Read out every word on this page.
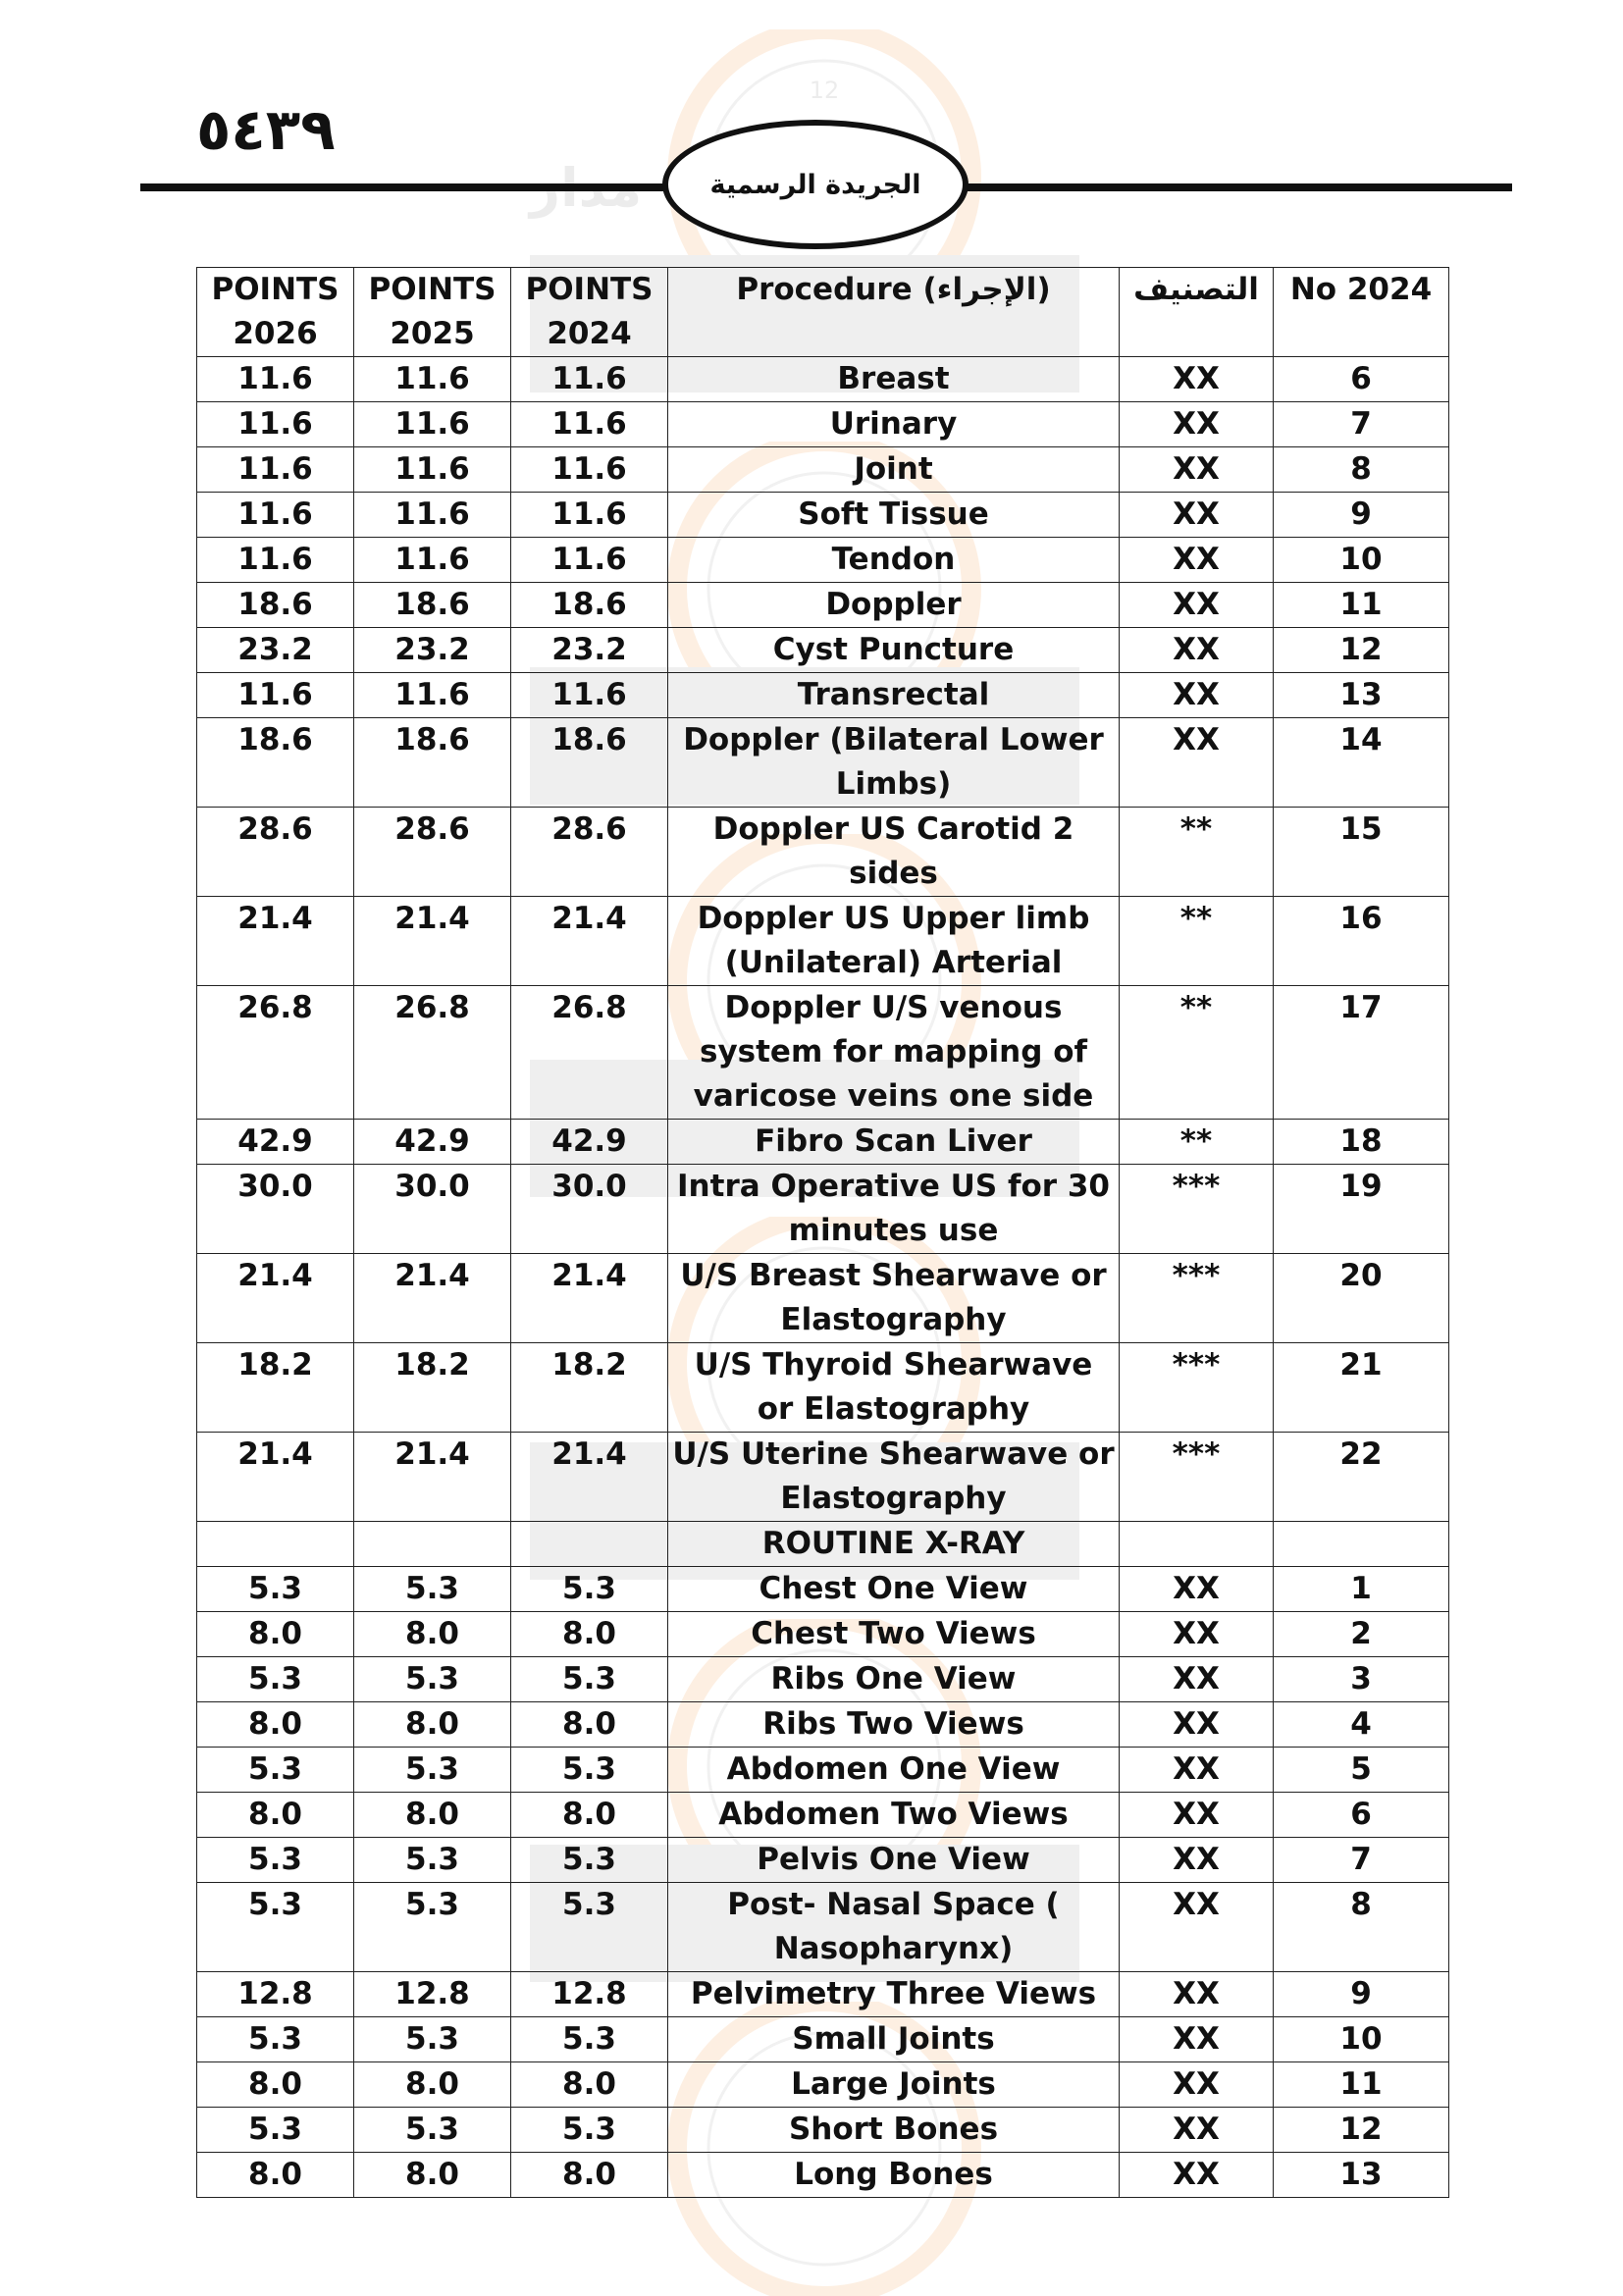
12
مدار
٥٤٣٩
الجريدة الرسمية
POINTS 2026	POINTS 2025	POINTS 2024	Procedure (الإجراء)	التصنيف	No 2024
11.6	11.6	11.6	Breast	XX	6
11.6	11.6	11.6	Urinary	XX	7
11.6	11.6	11.6	Joint	XX	8
11.6	11.6	11.6	Soft Tissue	XX	9
11.6	11.6	11.6	Tendon	XX	10
18.6	18.6	18.6	Doppler	XX	11
23.2	23.2	23.2	Cyst Puncture	XX	12
11.6	11.6	11.6	Transrectal	XX	13
18.6	18.6	18.6	Doppler (Bilateral Lower Limbs)	XX	14
28.6	28.6	28.6	Doppler US Carotid 2 sides	**	15
21.4	21.4	21.4	Doppler US Upper limb (Unilateral) Arterial	**	16
26.8	26.8	26.8	Doppler U/S venous system for mapping of varicose veins one side	**	17
42.9	42.9	42.9	Fibro Scan Liver	**	18
30.0	30.0	30.0	Intra Operative US for 30 minutes use	***	19
21.4	21.4	21.4	U/S Breast Shearwave or Elastography	***	20
18.2	18.2	18.2	U/S Thyroid Shearwave or Elastography	***	21
21.4	21.4	21.4	U/S Uterine Shearwave or Elastography	***	22
			ROUTINE X-RAY		
5.3	5.3	5.3	Chest One View	XX	1
8.0	8.0	8.0	Chest Two Views	XX	2
5.3	5.3	5.3	Ribs One View	XX	3
8.0	8.0	8.0	Ribs Two Views	XX	4
5.3	5.3	5.3	Abdomen One View	XX	5
8.0	8.0	8.0	Abdomen Two Views	XX	6
5.3	5.3	5.3	Pelvis One View	XX	7
5.3	5.3	5.3	Post- Nasal Space ( Nasopharynx)	XX	8
12.8	12.8	12.8	Pelvimetry Three Views	XX	9
5.3	5.3	5.3	Small Joints	XX	10
8.0	8.0	8.0	Large Joints	XX	11
5.3	5.3	5.3	Short Bones	XX	12
8.0	8.0	8.0	Long Bones	XX	13
